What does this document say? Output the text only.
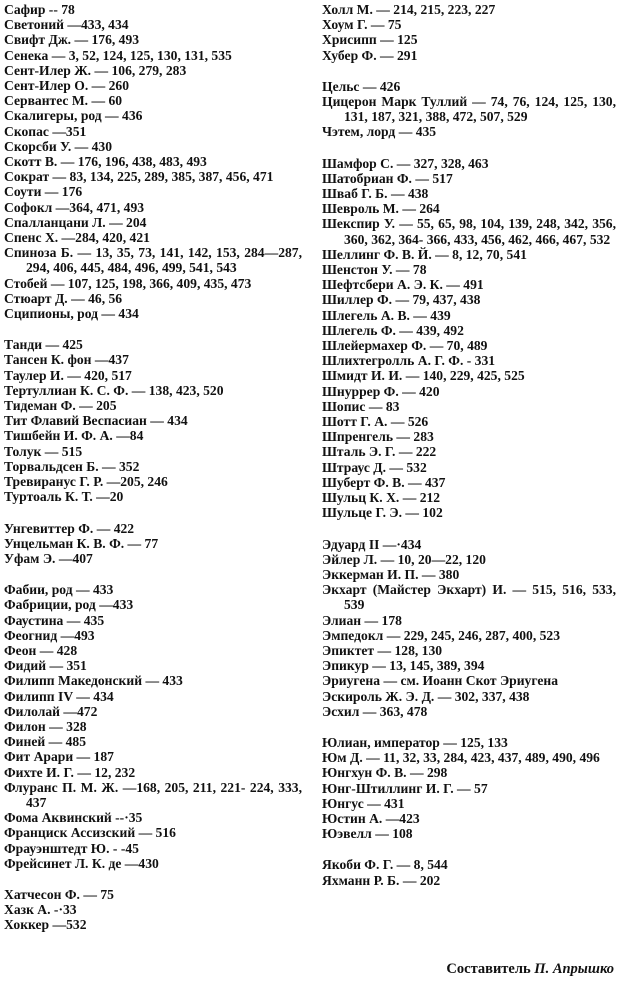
Сафир -- 78
Светоний —433, 434
Свифт Дж. — 176, 493
Сенека — 3, 52, 124, 125, 130, 131, 535
Сент-Илер Ж. — 106, 279, 283
Сент-Илер О. — 260
Сервантес М. — 60
Скалигеры, род — 436
Скопас —351
Скорсби У. — 430
Скотт В. — 176, 196, 438, 483, 493
Сократ — 83, 134, 225, 289, 385, 387, 456, 471
Соути — 176
Софокл —364, 471, 493
Спалланцани Л. — 204
Спенс Х. —284, 420, 421
Спиноза Б. — 13, 35, 73, 141, 142, 153, 284—287, 294, 406, 445, 484, 496, 499, 541, 543
Стобей — 107, 125, 198, 366, 409, 435, 473
Стюарт Д. — 46, 56
Сципионы, род — 434
Танди — 425
Тансен К. фон —437
Таулер И. — 420, 517
Тертуллиан К. С. Ф. — 138, 423, 520
Тидеман Ф. — 205
Тит Флавий Веспасиан — 434
Тишбейн И. Ф. А. —84
Толук — 515
Торвальдсен Б. — 352
Тревиранус Г. Р. —205, 246
Туртоаль К. Т. —20
Унгевиттер Ф. — 422
Унцельман К. В. Ф. — 77
Уфам Э. —407
Фабии, род — 433
Фабриции, род —433
Фаустина — 435
Феогнид —493
Феон — 428
Фидий — 351
Филипп Македонский — 433
Филипп IV — 434
Филолай —472
Филон — 328
Финей — 485
Фит Арари — 187
Фихте И. Г. — 12, 232
Флуранс П. М. Ж. —168, 205, 211, 221- 224, 333, 437
Фома Аквинский --·35
Франциск Ассизский — 516
Фрауэнштедт Ю. - -45
Фрейсинет Л. К. де —430
Хатчесон Ф. — 75
Хазк А. -·33
Хоккер —532
Холл М. — 214, 215, 223, 227
Хоум Г. — 75
Хрисипп — 125
Хубер Ф. — 291
Цельс — 426
Цицерон Марк Туллий — 74, 76, 124, 125, 130, 131, 187, 321, 388, 472, 507, 529
Чэтем, лорд — 435
Шамфор С. — 327, 328, 463
Шатобриан Ф. — 517
Шваб Г. Б. — 438
Шевроль М. — 264
Шекспир У. — 55, 65, 98, 104, 139, 248, 342, 356, 360, 362, 364- 366, 433, 456, 462, 466, 467, 532
Шеллинг Ф. В. Й. — 8, 12, 70, 541
Шенстон У. — 78
Шефтсбери А. Э. К. — 491
Шиллер Ф. — 79, 437, 438
Шлегель А. В. — 439
Шлегель Ф. — 439, 492
Шлейермахер Ф. — 70, 489
Шлихтегролль А. Г. Ф. - 331
Шмидт И. И. — 140, 229, 425, 525
Шнуррер Ф. — 420
Шопис — 83
Шотт Г. А. — 526
Шпренгель — 283
Шталь Э. Г. — 222
Штраус Д. — 532
Шуберт Ф. В. — 437
Шульц К. Х. — 212
Шульце Г. Э. — 102
Эдуард II —·434
Эйлер Л. — 10, 20—22, 120
Эккерман И. П. — 380
Экхарт (Майстер Экхарт) И. — 515, 516, 533, 539
Элиан — 178
Эмпедокл — 229, 245, 246, 287, 400, 523
Эпиктет — 128, 130
Эпикур — 13, 145, 389, 394
Эриугена — см. Иоанн Скот Эриугена
Эскироль Ж. Э. Д. — 302, 337, 438
Эсхил — 363, 478
Юлиан, император — 125, 133
Юм Д. — 11, 32, 33, 284, 423, 437, 489, 490, 496
Юнгхун Ф. В. — 298
Юнг-Штиллинг И. Г. — 57
Юнгус — 431
Юстин А. —423
Юэвелл — 108
Якоби Ф. Г. — 8, 544
Яхманн Р. Б. — 202
Составитель П. Апрышко
